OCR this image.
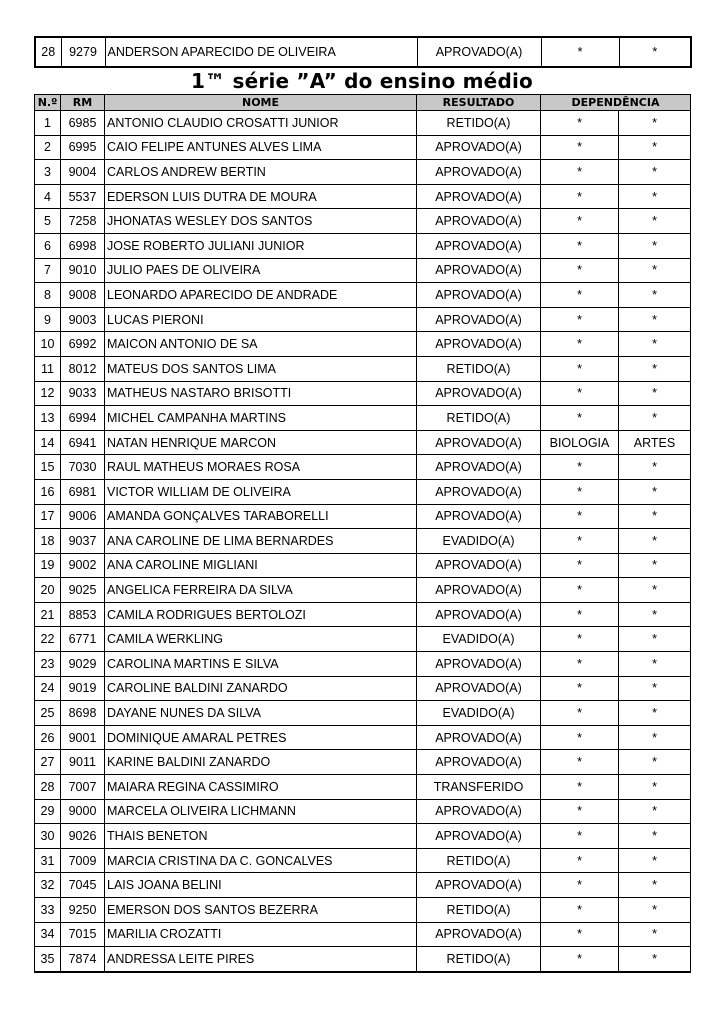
28	9279	ANDERSON APARECIDO DE OLIVEIRA	APROVADO(A)	*	*
1™ série ”A” do ensino médio
N.º	RM	NOME	RESULTADO	DEPENDÊNCIA	
1	6985	ANTONIO CLAUDIO CROSATTI JUNIOR	RETIDO(A)	*	*
2	6995	CAIO FELIPE ANTUNES ALVES LIMA	APROVADO(A)	*	*
3	9004	CARLOS ANDREW BERTIN	APROVADO(A)	*	*
4	5537	EDERSON LUIS DUTRA DE MOURA	APROVADO(A)	*	*
5	7258	JHONATAS WESLEY DOS SANTOS	APROVADO(A)	*	*
6	6998	JOSE ROBERTO JULIANI JUNIOR	APROVADO(A)	*	*
7	9010	JULIO PAES DE OLIVEIRA	APROVADO(A)	*	*
8	9008	LEONARDO APARECIDO DE ANDRADE	APROVADO(A)	*	*
9	9003	LUCAS PIERONI	APROVADO(A)	*	*
10	6992	MAICON ANTONIO DE SA	APROVADO(A)	*	*
11	8012	MATEUS DOS SANTOS LIMA	RETIDO(A)	*	*
12	9033	MATHEUS NASTARO BRISOTTI	APROVADO(A)	*	*
13	6994	MICHEL CAMPANHA MARTINS	RETIDO(A)	*	*
14	6941	NATAN HENRIQUE MARCON	APROVADO(A)	BIOLOGIA	ARTES
15	7030	RAUL MATHEUS MORAES ROSA	APROVADO(A)	*	*
16	6981	VICTOR WILLIAM DE OLIVEIRA	APROVADO(A)	*	*
17	9006	AMANDA GONÇALVES TARABORELLI	APROVADO(A)	*	*
18	9037	ANA CAROLINE DE LIMA BERNARDES	EVADIDO(A)	*	*
19	9002	ANA CAROLINE MIGLIANI	APROVADO(A)	*	*
20	9025	ANGELICA FERREIRA DA SILVA	APROVADO(A)	*	*
21	8853	CAMILA RODRIGUES BERTOLOZI	APROVADO(A)	*	*
22	6771	CAMILA WERKLING	EVADIDO(A)	*	*
23	9029	CAROLINA MARTINS E SILVA	APROVADO(A)	*	*
24	9019	CAROLINE BALDINI ZANARDO	APROVADO(A)	*	*
25	8698	DAYANE NUNES DA SILVA	EVADIDO(A)	*	*
26	9001	DOMINIQUE AMARAL PETRES	APROVADO(A)	*	*
27	9011	KARINE BALDINI ZANARDO	APROVADO(A)	*	*
28	7007	MAIARA REGINA CASSIMIRO	TRANSFERIDO	*	*
29	9000	MARCELA OLIVEIRA LICHMANN	APROVADO(A)	*	*
30	9026	THAIS BENETON	APROVADO(A)	*	*
31	7009	MARCIA CRISTINA DA C. GONCALVES	RETIDO(A)	*	*
32	7045	LAIS JOANA BELINI	APROVADO(A)	*	*
33	9250	EMERSON DOS SANTOS BEZERRA	RETIDO(A)	*	*
34	7015	MARILIA CROZATTI	APROVADO(A)	*	*
35	7874	ANDRESSA LEITE PIRES	RETIDO(A)	*	*
